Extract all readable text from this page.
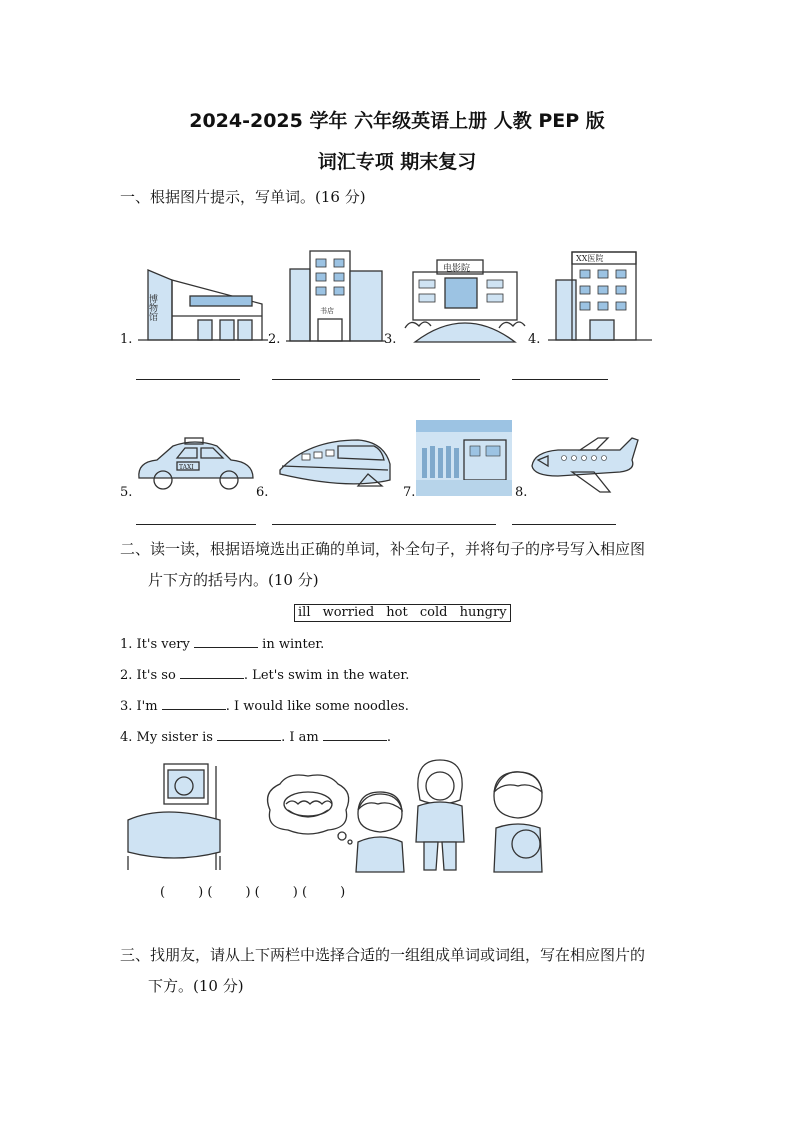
2024-2025 学年 六年级英语上册 人教 PEP 版
词汇专项 期末复习
一、根据图片提示，写单词。(16 分)
博物馆
1.
书店
2.
电影院
3.
XX医院
4.
TAXI
5.	6.	7.	8.
二、读一读，根据语境选出正确的单词，补全句子，并将句子的序号写入相应图
片下方的括号内。(10 分)
ill worried hot cold hungry
1. It's very	in winter.
2. It's so	. Let's swim in the water.
3. I'm	. I would like some noodles.
4. My sister is	. I am	.
(        ) (        ) (        ) (        )
三、找朋友，请从上下两栏中选择合适的一组组成单词或词组，写在相应图片的
下方。(10 分)
